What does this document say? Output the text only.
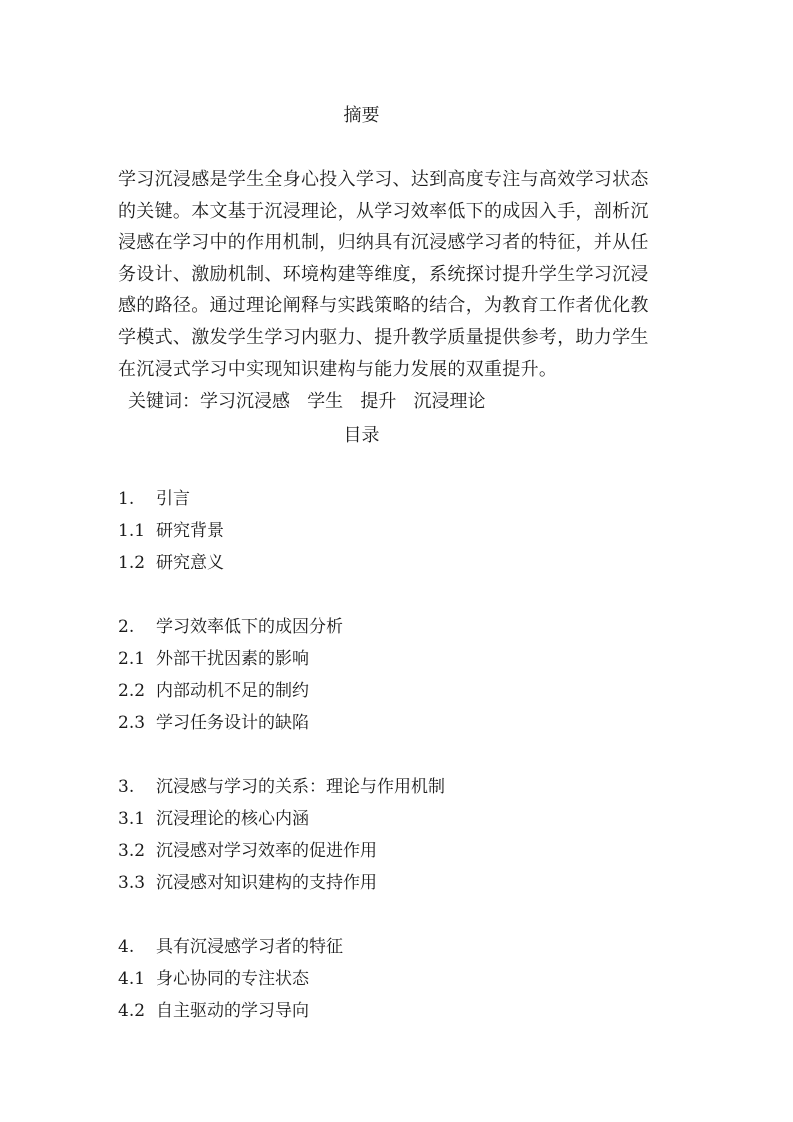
摘要
学习沉浸感是学生全身心投入学习、达到高度专注与高效学习状态
的关键。本文基于沉浸理论，从学习效率低下的成因入手，剖析沉
浸感在学习中的作用机制，归纳具有沉浸感学习者的特征，并从任
务设计、激励机制、环境构建等维度，系统探讨提升学生学习沉浸
感的路径。通过理论阐释与实践策略的结合，为教育工作者优化教
学模式、激发学生学习内驱力、提升教学质量提供参考，助力学生
在沉浸式学习中实现知识建构与能力发展的双重提升。
关键词：学习沉浸感   学生   提升   沉浸理论
目录
1. 引言
1.1 研究背景
1.2 研究意义
2. 学习效率低下的成因分析
2.1 外部干扰因素的影响
2.2 内部动机不足的制约
2.3 学习任务设计的缺陷
3. 沉浸感与学习的关系：理论与作用机制
3.1 沉浸理论的核心内涵
3.2 沉浸感对学习效率的促进作用
3.3 沉浸感对知识建构的支持作用
4. 具有沉浸感学习者的特征
4.1 身心协同的专注状态
4.2 自主驱动的学习导向
